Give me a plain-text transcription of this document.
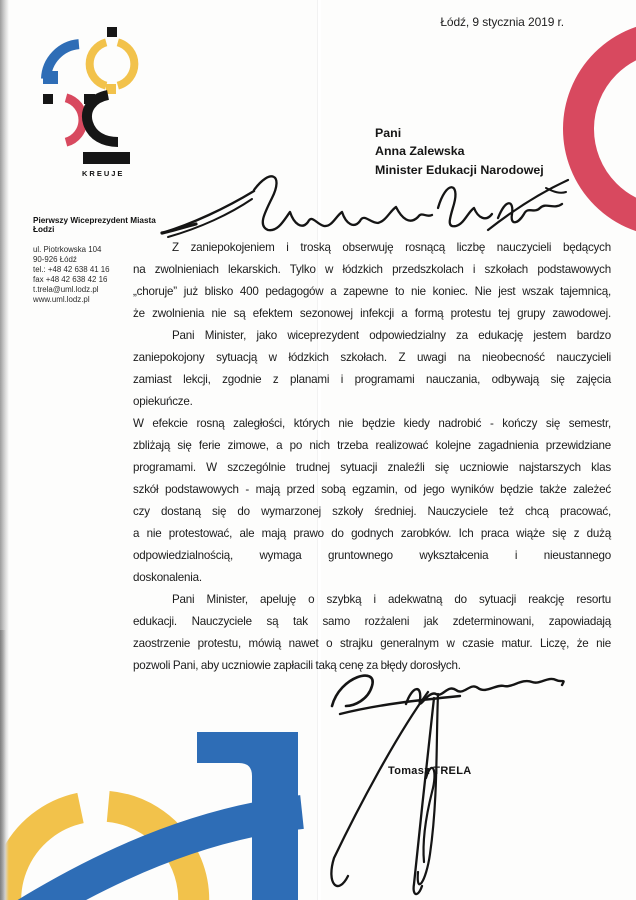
KREUJE
Łódź, 9 stycznia 2019 r.
Pierwszy Wiceprezydent Miasta Łodzi
ul. Piotrkowska 104
90-926 Łódź
tel.: +48 42 638 41 16
fax +48 42 638 42 16
t.trela@uml.lodz.pl
www.uml.lodz.pl
Pani
Anna Zalewska
Minister Edukacji Narodowej
Z zaniepokojeniem i troską obserwuję rosnącą liczbę nauczycieli będących
na zwolnieniach lekarskich. Tylko w łódzkich przedszkolach i szkołach podstawowych
„choruje” już blisko 400 pedagogów a zapewne to nie koniec. Nie jest wszak tajemnicą,
że zwolnienia nie są efektem sezonowej infekcji a formą protestu tej grupy zawodowej.
Pani Minister, jako wiceprezydent odpowiedzialny za edukację jestem bardzo
zaniepokojony sytuacją w łódzkich szkołach. Z uwagi na nieobecność nauczycieli
zamiast lekcji, zgodnie z planami i programami nauczania, odbywają się zajęcia
opiekuńcze.
W efekcie rosną zaległości, których nie będzie kiedy nadrobić - kończy się semestr,
zbliżają się ferie zimowe, a po nich trzeba realizować kolejne zagadnienia przewidziane
programami. W szczególnie trudnej sytuacji znaleźli się uczniowie najstarszych klas
szkół podstawowych - mają przed sobą egzamin, od jego wyników będzie także zależeć
czy dostaną się do wymarzonej szkoły średniej. Nauczyciele też chcą pracować,
a nie protestować, ale mają prawo do godnych zarobków. Ich praca wiąże się z dużą
odpowiedzialnością, wymaga gruntownego wykształcenia i nieustannego
doskonalenia.
Pani Minister, apeluję o szybką i adekwatną do sytuacji reakcję resortu
edukacji. Nauczyciele są tak samo rozżaleni jak zdeterminowani, zapowiadają
zaostrzenie protestu, mówią nawet o strajku generalnym w czasie matur. Liczę, że nie
pozwoli Pani, aby uczniowie zapłacili taką cenę za błędy dorosłych.
Tomasz TRELA
